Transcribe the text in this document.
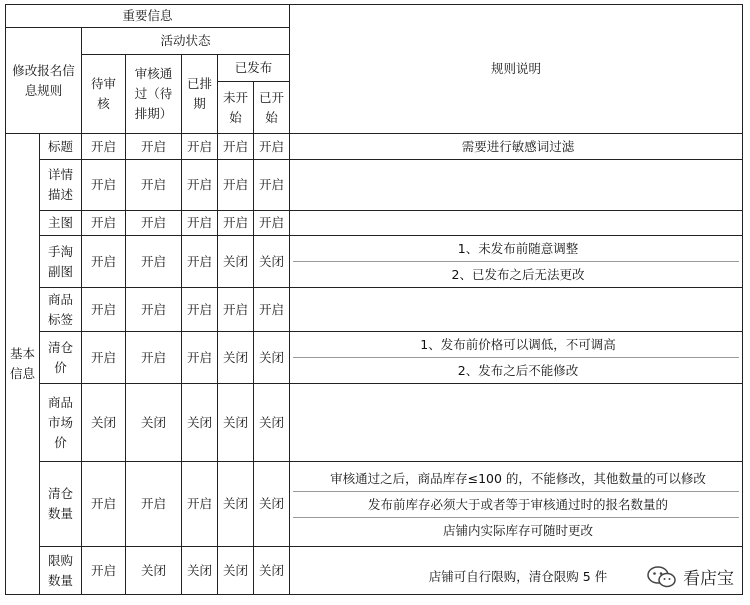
重要信息							规则说明
修改报名信息规则		活动状态					
		待审核	审核通过（待排期）	已排期	已发布		
					未开始	已开始	
基本信息	标题	开启	开启	开启	开启	开启	需要进行敏感词过滤

	详情描述	开启	开启	开启	开启	开启	

	主图	开启	开启	开启	开启	开启	

	手淘副图	开启	开启	开启	关闭	关闭	1、未发布前随意调整
2、已发布之后无法更改

	商品标签	开启	开启	开启	开启	开启	

	清仓价	开启	开启	开启	关闭	关闭	1、发布前价格可以调低，不可调高
2、发布之后不能修改

	商品市场价	关闭	关闭	关闭	关闭	关闭	

	清仓数量	开启	开启	开启	关闭	关闭	审核通过之后，商品库存≤100 的，不能修改，其他数量的可以修改
发布前库存必须大于或者等于审核通过时的报名数量的
店铺内实际库存可随时更改

	限购数量	开启	关闭	关闭	关闭	关闭	店铺可自行限购，清仓限购 5 件	看店宝
